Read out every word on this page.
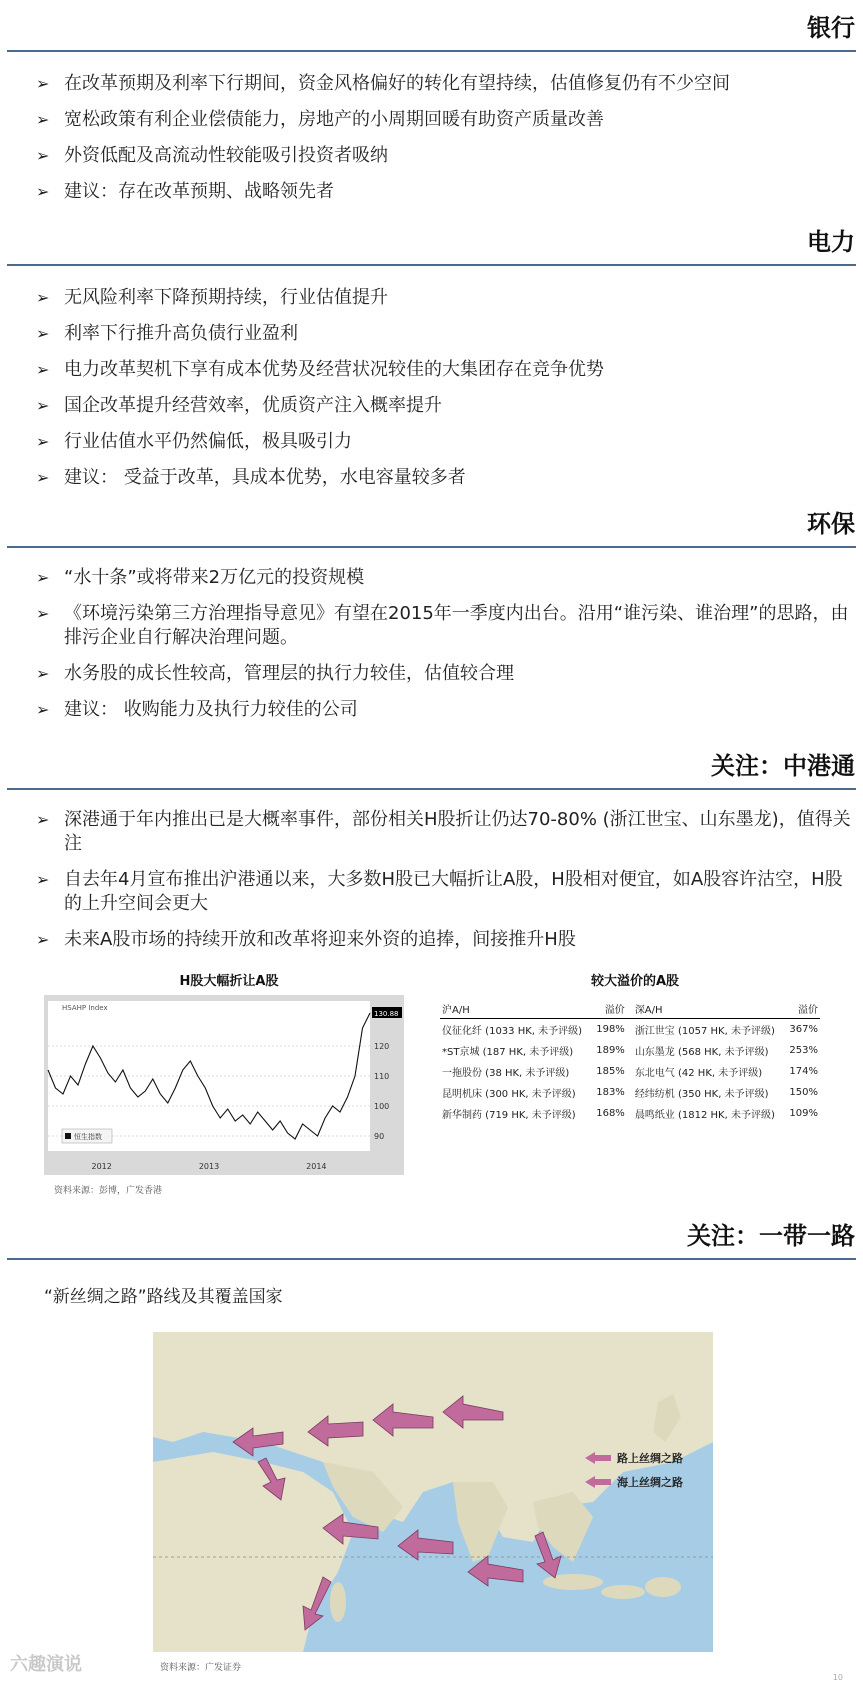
银行
➢ 在改革预期及利率下行期间，资金风格偏好的转化有望持续，估值修复仍有不少空间
➢ 宽松政策有利企业偿债能力，房地产的小周期回暖有助资产质量改善
➢ 外资低配及高流动性较能吸引投资者吸纳
➢ 建议：存在改革预期、战略领先者
电力
➢ 无风险利率下降预期持续，行业估值提升
➢ 利率下行推升高负债行业盈利
➢ 电力改革契机下享有成本优势及经营状况较佳的大集团存在竞争优势
➢ 国企改革提升经营效率，优质资产注入概率提升
➢ 行业估值水平仍然偏低，极具吸引力
➢ 建议： 受益于改革，具成本优势，水电容量较多者
环保
➢ “水十条”或将带来2万亿元的投资规模
➢ 《环境污染第三方治理指导意见》有望在2015年一季度内出台。沿用“谁污染、谁治理”的思路，由排污企业自行解决治理问题。
➢ 水务股的成长性较高，管理层的执行力较佳，估值较合理
➢ 建议： 收购能力及执行力较佳的公司
关注：中港通
➢ 深港通于年内推出已是大概率事件，部份相关H股折让仍达70-80% (浙江世宝、山东墨龙)，值得关注
➢ 自去年4月宣布推出沪港通以来，大多数H股已大幅折让A股，H股相对便宜，如A股容许沽空，H股的上升空间会更大
➢ 未来A股市场的持续开放和改革将迎来外资的追捧，间接推升H股
H股大幅折让A股
90
100
110
120
130.88
HSAHP Index
2012	2013	2014
恒生指数
资料来源：彭博，广发香港
较大溢价的A股
沪A/H	溢价	深A/H	溢价
仪征化纤 (1033 HK, 未予评级)	198%	浙江世宝 (1057 HK, 未予评级)	367%
*ST京城 (187 HK, 未予评级)	189%	山东墨龙 (568 HK, 未予评级)	253%
一拖股份 (38 HK, 未予评级)	185%	东北电气 (42 HK, 未予评级)	174%
昆明机床 (300 HK, 未予评级)	183%	经纬纺机 (350 HK, 未予评级)	150%
新华制药 (719 HK, 未予评级)	168%	晨鸣纸业 (1812 HK, 未予评级)	109%
关注：一带一路
“新丝绸之路”路线及其覆盖国家
路上丝绸之路
海上丝绸之路
资料来源：广发证券
六趣演说
10
